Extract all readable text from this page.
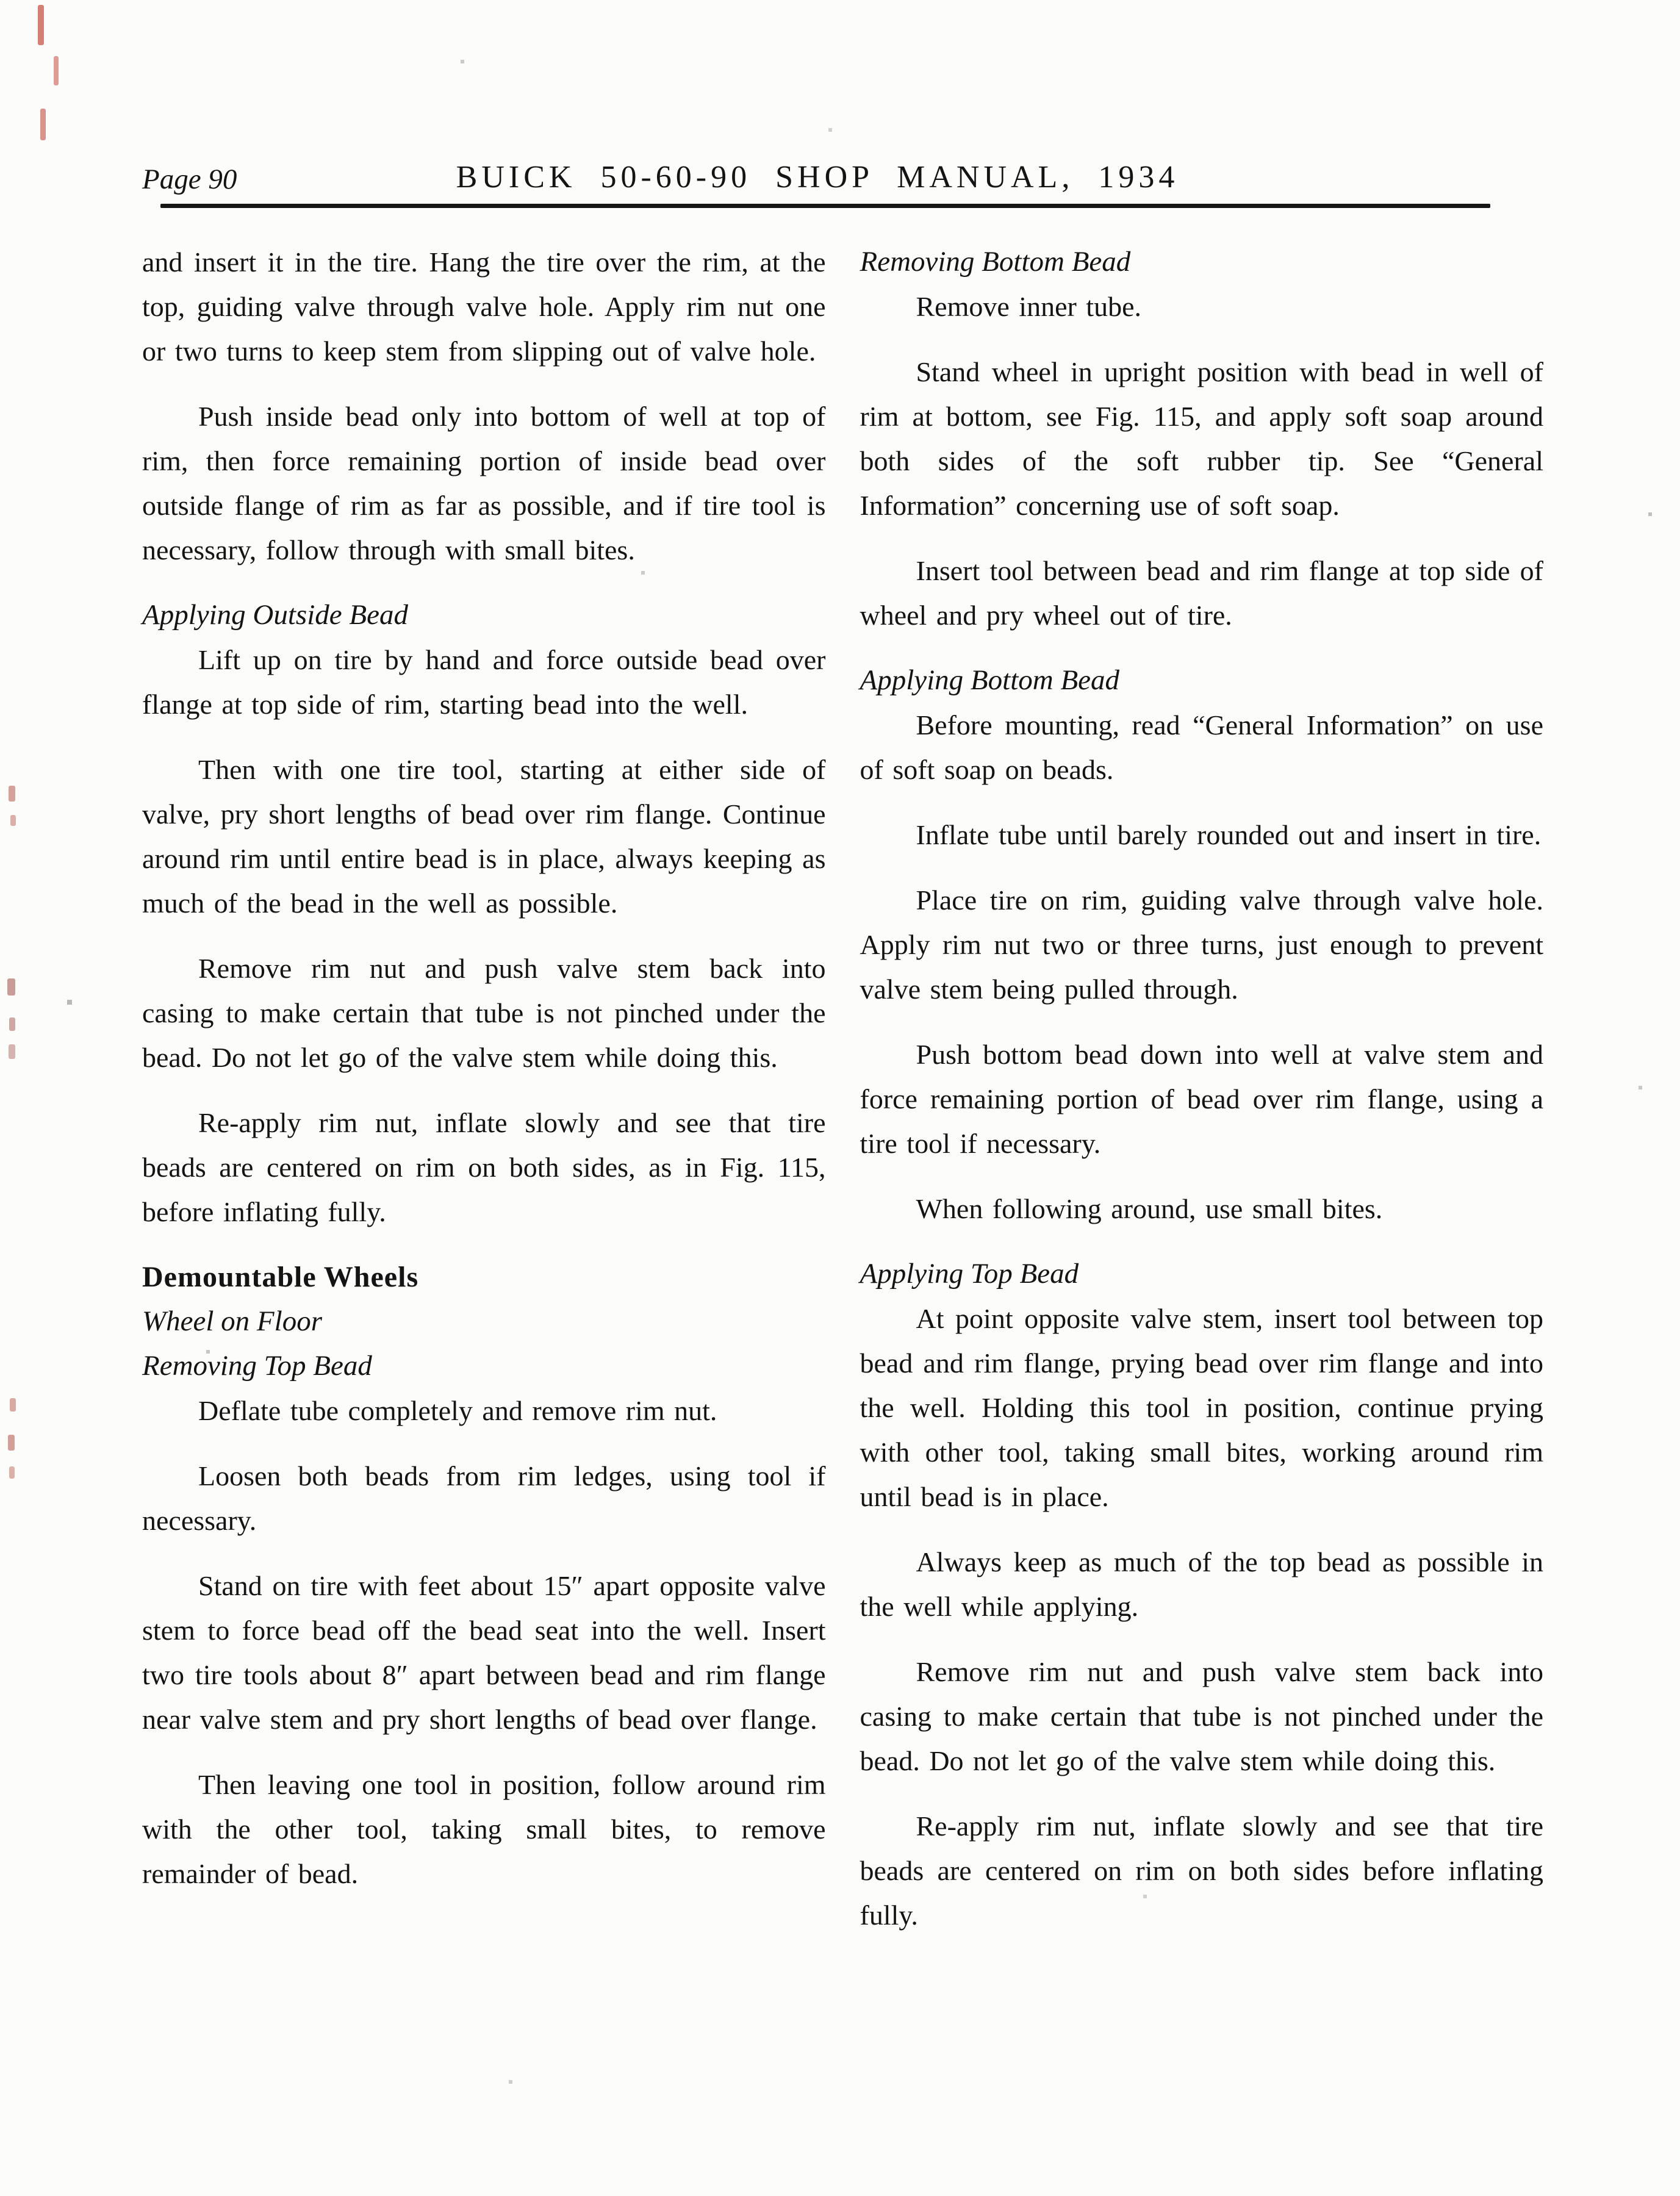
Page 90	BUICK 50-60-90 SHOP MANUAL, 1934

and insert it in the tire. Hang the tire over the rim, at the top, guiding valve through valve hole. Apply rim nut one or two turns to keep stem from slipping out of valve hole.

Push inside bead only into bottom of well at top of rim, then force remaining portion of inside bead over outside flange of rim as far as possible, and if tire tool is necessary, follow through with small bites.

Applying Outside Bead

Lift up on tire by hand and force outside bead over flange at top side of rim, starting bead into the well.

Then with one tire tool, starting at either side of valve, pry short lengths of bead over rim flange. Continue around rim until entire bead is in place, always keeping as much of the bead in the well as possible.

Remove rim nut and push valve stem back into casing to make certain that tube is not pinched under the bead. Do not let go of the valve stem while doing this.

Re-apply rim nut, inflate slowly and see that tire beads are centered on rim on both sides, as in Fig. 115, before inflating fully.

Demountable Wheels
Wheel on Floor
Removing Top Bead

Deflate tube completely and remove rim nut.

Loosen both beads from rim ledges, using tool if necessary.

Stand on tire with feet about 15″ apart opposite valve stem to force bead off the bead seat into the well. Insert two tire tools about 8″ apart between bead and rim flange near valve stem and pry short lengths of bead over flange.

Then leaving one tool in position, follow around rim with the other tool, taking small bites, to remove remainder of bead.

Removing Bottom Bead

Remove inner tube.

Stand wheel in upright position with bead in well of rim at bottom, see Fig. 115, and apply soft soap around both sides of the soft rubber tip. See “General Information” concerning use of soft soap.

Insert tool between bead and rim flange at top side of wheel and pry wheel out of tire.

Applying Bottom Bead

Before mounting, read “General Information” on use of soft soap on beads.

Inflate tube until barely rounded out and insert in tire.

Place tire on rim, guiding valve through valve hole. Apply rim nut two or three turns, just enough to prevent valve stem being pulled through.

Push bottom bead down into well at valve stem and force remaining portion of bead over rim flange, using a tire tool if necessary.

When following around, use small bites.

Applying Top Bead

At point opposite valve stem, insert tool between top bead and rim flange, prying bead over rim flange and into the well. Holding this tool in position, continue prying with other tool, taking small bites, working around rim until bead is in place.

Always keep as much of the top bead as possible in the well while applying.

Remove rim nut and push valve stem back into casing to make certain that tube is not pinched under the bead. Do not let go of the valve stem while doing this.

Re-apply rim nut, inflate slowly and see that tire beads are centered on rim on both sides before inflating fully.
